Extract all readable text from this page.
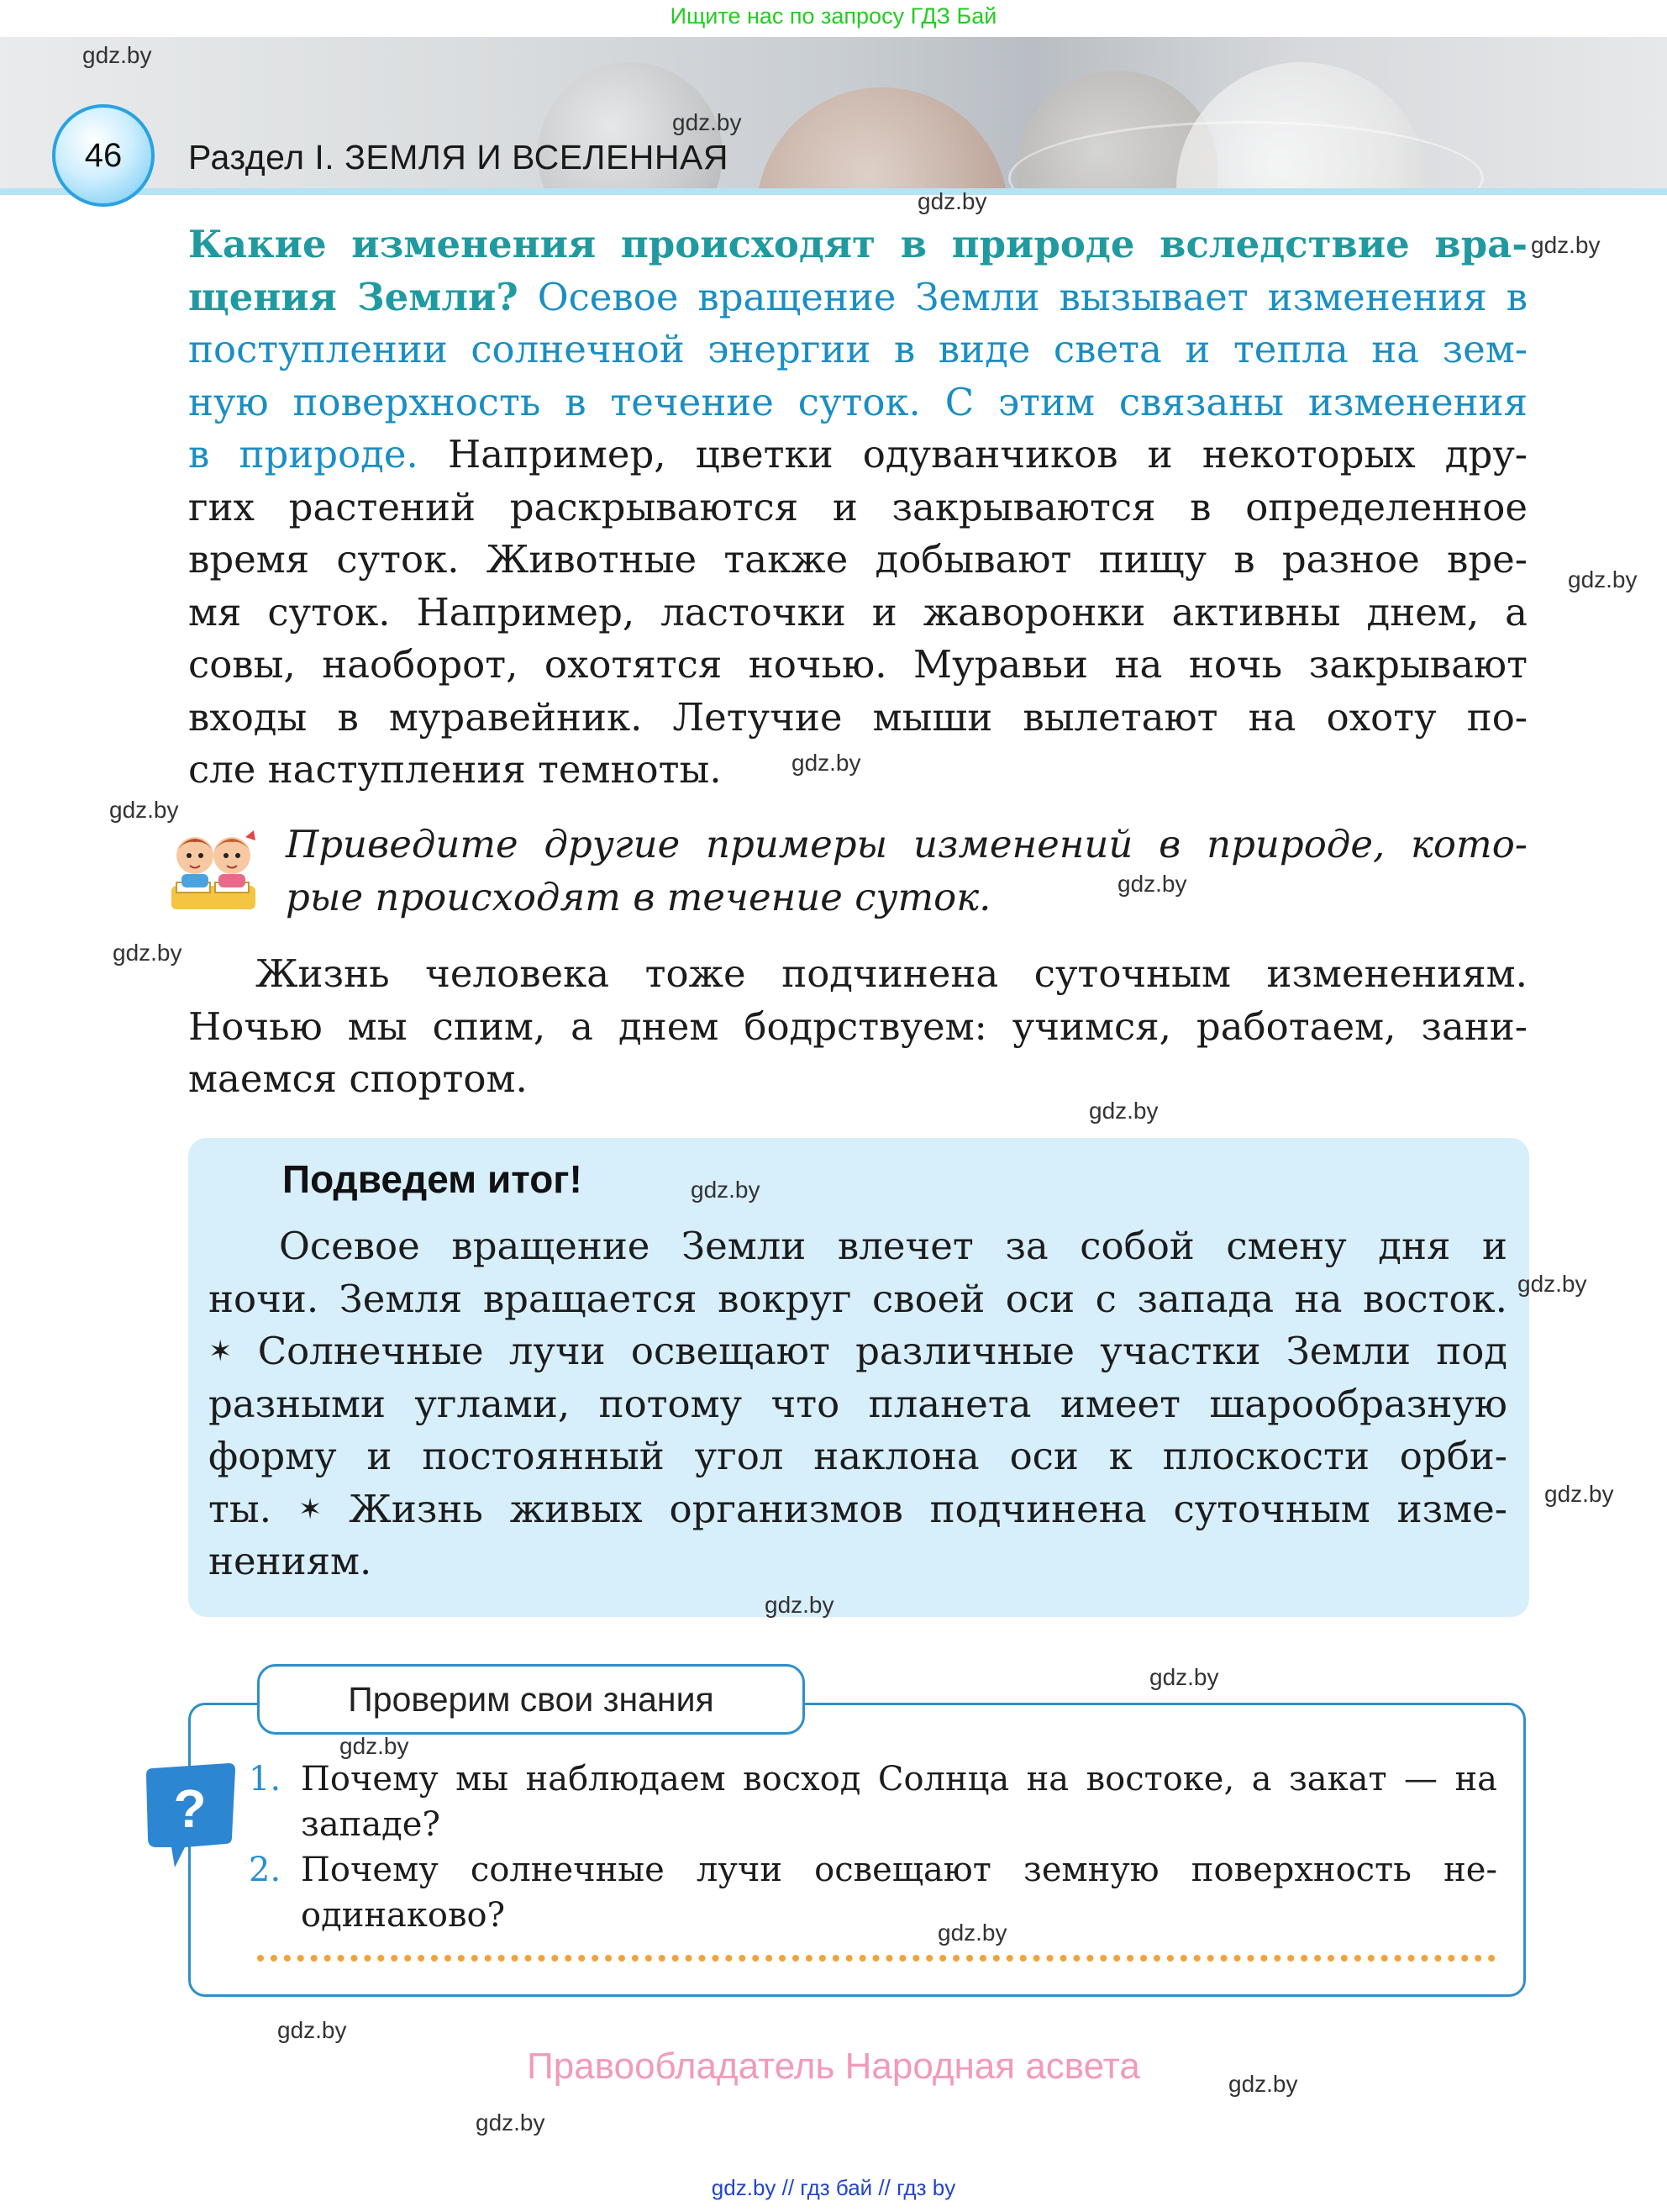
Ищите нас по запросу ГДЗ Бай
46 Раздел I. ЗЕМЛЯ И ВСЕЛЕННАЯ
Какие изменения происходят в природе вследствие вра-
щения Земли? Осевое вращение Земли вызывает изменения в
поступлении солнечной энергии в виде света и тепла на зем-
ную поверхность в течение суток. С этим связаны изменения
в природе. Например, цветки одуванчиков и некоторых дру-
гих растений раскрываются и закрываются в определенное
время суток. Животные также добывают пищу в разное вре-
мя суток. Например, ласточки и жаворонки активны днем, а
совы, наоборот, охотятся ночью. Муравьи на ночь закрывают
входы в муравейник. Летучие мыши вылетают на охоту по-
сле наступления темноты.
Приведите другие примеры изменений в природе, кото-
рые происходят в течение суток.
Жизнь человека тоже подчинена суточным изменениям.
Ночью мы спим, а днем бодрствуем: учимся, работаем, зани-
маемся спортом.
Подведем итог!
Осевое вращение Земли влечет за собой смену дня и
ночи. Земля вращается вокруг своей оси с запада на восток.
✶ Солнечные лучи освещают различные участки Земли под
разными углами, потому что планета имеет шарообразную
форму и постоянный угол наклона оси к плоскости орби-
ты. ✶ Жизнь живых организмов подчинена суточным изме-
нениям.
Проверим свои знания
? 1. Почему мы наблюдаем восход Солнца на востоке, а закат — на
западе?
2. Почему солнечные лучи освещают земную поверхность не-
одинаково?
Правообладатель Народная асвета
gdz.by // гдз бай // гдз by
gdz.by
gdz.by
gdz.by
gdz.by
gdz.by
gdz.by
gdz.by
gdz.by
gdz.by
gdz.by
gdz.by
gdz.by
gdz.by
gdz.by
gdz.by
gdz.by
gdz.by
gdz.by
gdz.by
gdz.by
